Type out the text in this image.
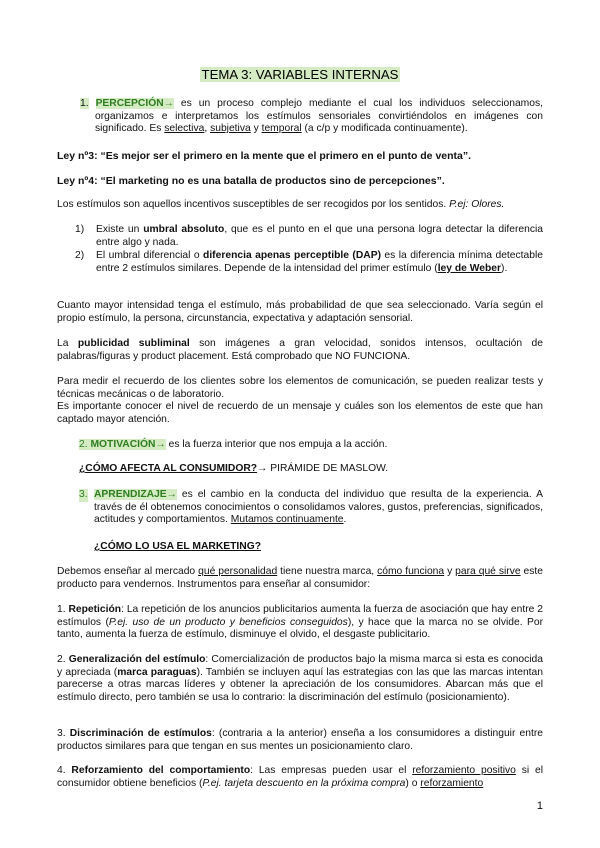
TEMA 3: VARIABLES INTERNAS
1. PERCEPCIÓN→ es un proceso complejo mediante el cual los individuos seleccionamos, organizamos e interpretamos los estímulos sensoriales convirtiéndolos en imágenes con significado. Es selectiva, subjetiva y temporal (a c/p y modificada continuamente).
Ley nº3: “Es mejor ser el primero en la mente que el primero en el punto de venta”.
Ley nº4: “El marketing no es una batalla de productos sino de percepciones”.
Los estímulos son aquellos incentivos susceptibles de ser recogidos por los sentidos. P.ej: Olores.
1) Existe un umbral absoluto, que es el punto en el que una persona logra detectar la diferencia entre algo y nada.
2) El umbral diferencial o diferencia apenas perceptible (DAP) es la diferencia mínima detectable entre 2 estímulos similares. Depende de la intensidad del primer estímulo (ley de Weber).
Cuanto mayor intensidad tenga el estímulo, más probabilidad de que sea seleccionado. Varía según el propio estímulo, la persona, circunstancia, expectativa y adaptación sensorial.
La publicidad subliminal son imágenes a gran velocidad, sonidos intensos, ocultación de palabras/figuras y product placement. Está comprobado que NO FUNCIONA.
Para medir el recuerdo de los clientes sobre los elementos de comunicación, se pueden realizar tests y técnicas mecánicas o de laboratorio.
Es importante conocer el nivel de recuerdo de un mensaje y cuáles son los elementos de este que han captado mayor atención.
2. MOTIVACIÓN→ es la fuerza interior que nos empuja a la acción.
¿CÓMO AFECTA AL CONSUMIDOR?→ PIRÁMIDE DE MASLOW.
3. APRENDIZAJE→ es el cambio en la conducta del individuo que resulta de la experiencia. A través de él obtenemos conocimientos o consolidamos valores, gustos, preferencias, significados, actitudes y comportamientos. Mutamos continuamente.
¿CÓMO LO USA EL MARKETING?
Debemos enseñar al mercado qué personalidad tiene nuestra marca, cómo funciona y para qué sirve este producto para vendernos. Instrumentos para enseñar al consumidor:
1. Repetición: La repetición de los anuncios publicitarios aumenta la fuerza de asociación que hay entre 2 estímulos (P.ej. uso de un producto y beneficios conseguidos), y hace que la marca no se olvide. Por tanto, aumenta la fuerza de estímulo, disminuye el olvido, el desgaste publicitario.
2. Generalización del estímulo: Comercialización de productos bajo la misma marca si esta es conocida y apreciada (marca paraguas). También se incluyen aquí las estrategias con las que las marcas intentan parecerse a otras marcas líderes y obtener la apreciación de los consumidores. Abarcan más que el estímulo directo, pero también se usa lo contrario: la discriminación del estímulo (posicionamiento).
3. Discriminación de estímulos: (contraria a la anterior) enseña a los consumidores a distinguir entre productos similares para que tengan en sus mentes un posicionamiento claro.
4. Reforzamiento del comportamiento: Las empresas pueden usar el reforzamiento positivo si el consumidor obtiene beneficios (P.ej. tarjeta descuento en la próxima compra) o reforzamiento
1
